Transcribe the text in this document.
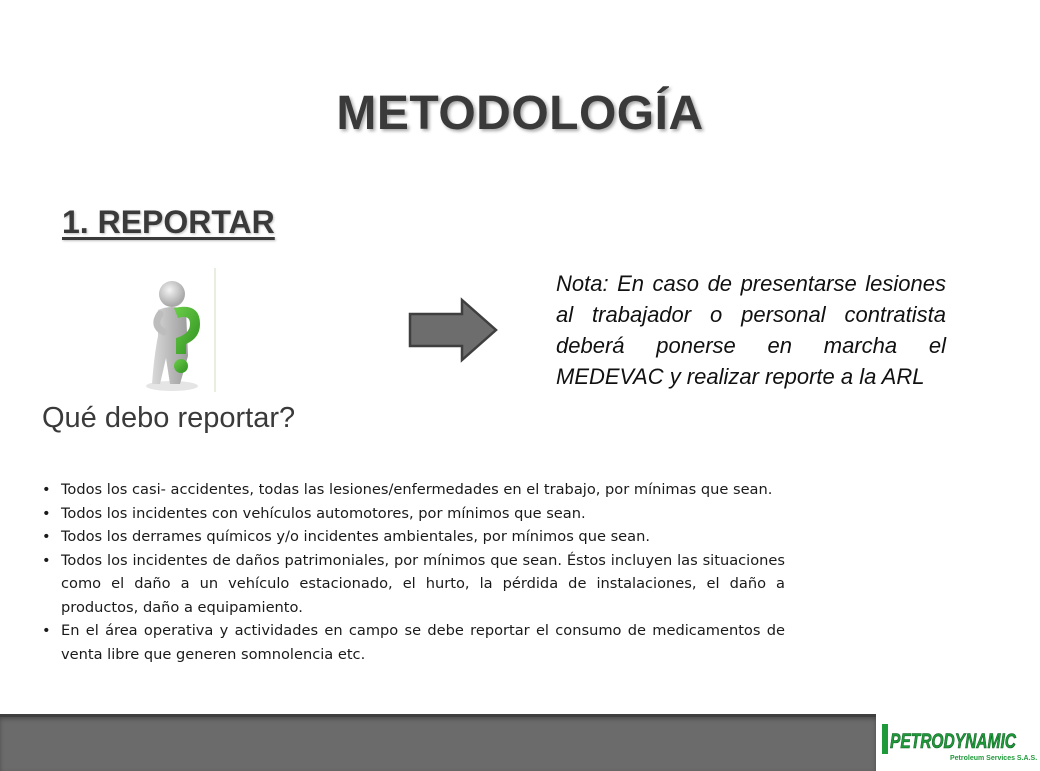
METODOLOGÍA
1. REPORTAR
Nota: En caso de presentarse lesiones al trabajador o personal contratista deberá ponerse en marcha el MEDEVAC y realizar reporte a la ARL
Qué debo reportar?
• Todos los casi- accidentes, todas las lesiones/enfermedades en el trabajo, por mínimas que sean.
• Todos los incidentes con vehículos automotores, por mínimos que sean.
• Todos los derrames químicos y/o incidentes ambientales, por mínimos que sean.
• Todos los incidentes de daños patrimoniales, por mínimos que sean. Éstos incluyen las situaciones como el daño a un vehículo estacionado, el hurto, la pérdida de instalaciones, el daño a productos, daño a equipamiento.
• En el área operativa y actividades en campo se debe reportar el consumo de medicamentos de venta libre que generen somnolencia etc.
PETRODYNAMIC
Petroleum Services S.A.S.
